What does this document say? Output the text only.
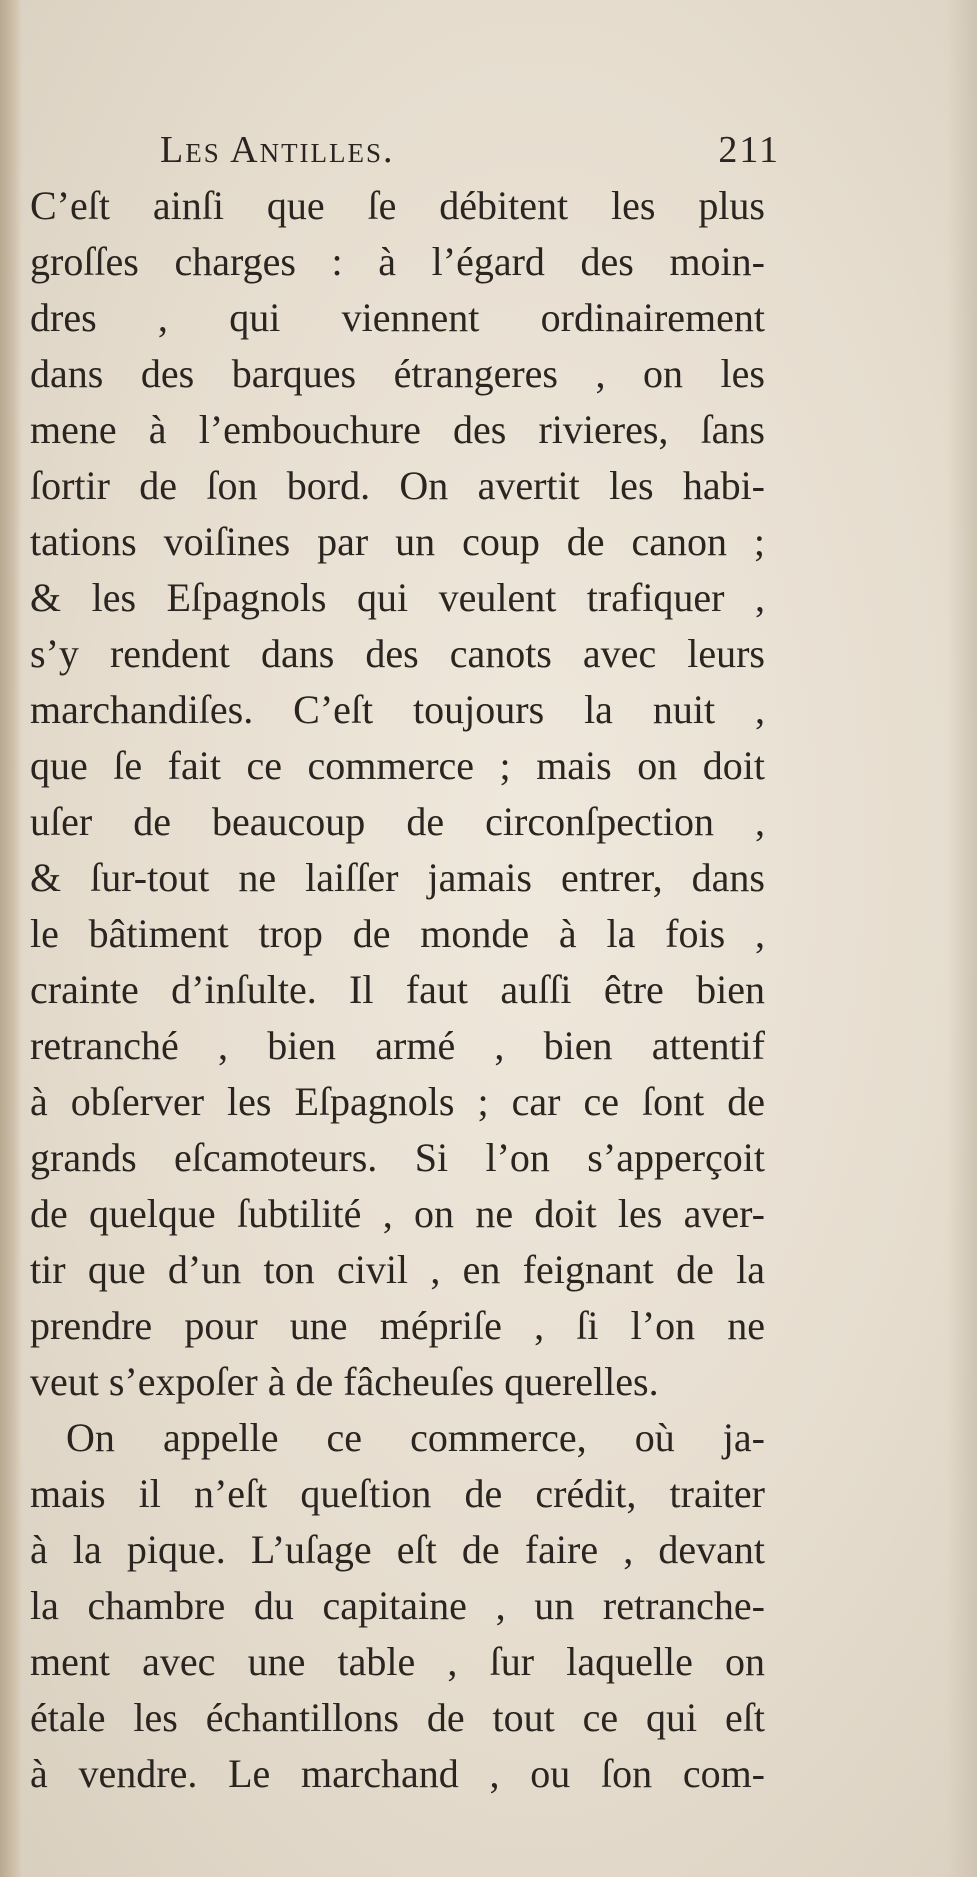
Les Antilles.	211
C’eſt ainſi que ſe débitent les plus
groſſes charges : à l’égard des moin-
dres , qui viennent ordinairement
dans des barques étrangeres , on les
mene à l’embouchure des rivieres, ſans
ſortir de ſon bord. On avertit les habi-
tations voiſines par un coup de canon ;
& les Eſpagnols qui veulent trafiquer ,
s’y rendent dans des canots avec leurs
marchandiſes. C’eſt toujours la nuit ,
que ſe fait ce commerce ; mais on doit
uſer de beaucoup de circonſpection ,
& ſur-tout ne laiſſer jamais entrer, dans
le bâtiment trop de monde à la fois ,
crainte d’inſulte. Il faut auſſi être bien
retranché , bien armé , bien attentif
à obſerver les Eſpagnols ; car ce ſont de
grands eſcamoteurs. Si l’on s’apperçoit
de quelque ſubtilité , on ne doit les aver-
tir que d’un ton civil , en feignant de la
prendre pour une mépriſe , ſi l’on ne
veut s’expoſer à de fâcheuſes querelles.
On appelle ce commerce, où ja-
mais il n’eſt queſtion de crédit, traiter
à la pique. L’uſage eſt de faire , devant
la chambre du capitaine , un retranche-
ment avec une table , ſur laquelle on
étale les échantillons de tout ce qui eſt
à vendre. Le marchand , ou ſon com-
